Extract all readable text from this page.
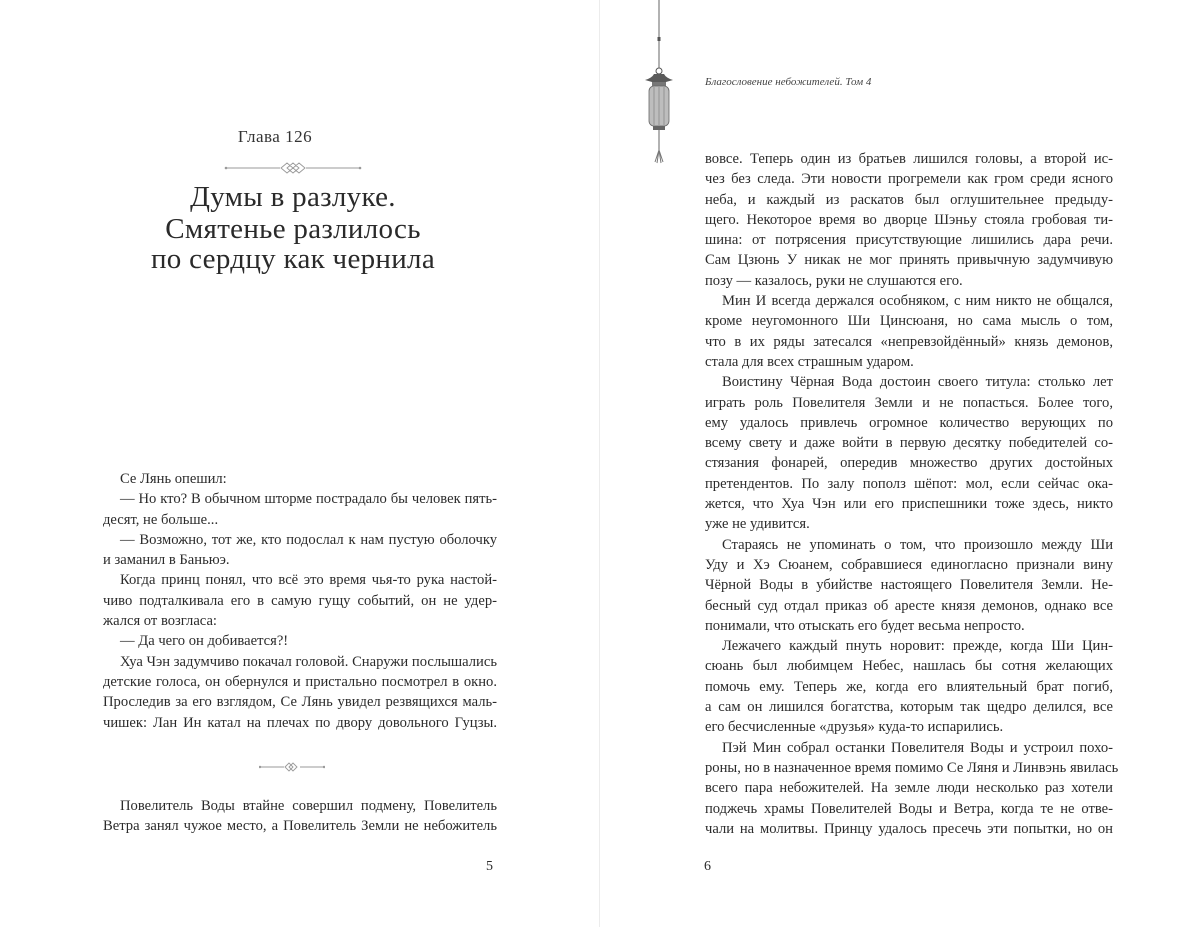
Глава 126
Думы в разлуке.
Смятенье разлилось
по сердцу как чернила
Се Лянь опешил:
— Но кто? В обычном шторме пострадало бы человек пять-
десят, не больше...
— Возможно, тот же, кто подослал к нам пустую оболочку
и заманил в Баньюэ.
Когда принц понял, что всё это время чья-то рука настой-
чиво подталкивала его в самую гущу событий, он не удер-
жался от возгласа:
— Да чего он добивается?!
Хуа Чэн задумчиво покачал головой. Снаружи послышались
детские голоса, он обернулся и пристально посмотрел в окно.
Проследив за его взглядом, Се Лянь увидел резвящихся маль-
чишек: Лан Ин катал на плечах по двору довольного Гуцзы.
Повелитель Воды втайне совершил подмену, Повелитель
Ветра занял чужое место, а Повелитель Земли не небожитель
5
Благословение небожителей. Том 4
вовсе. Теперь один из братьев лишился головы, а второй ис-
чез без следа. Эти новости прогремели как гром среди ясного
неба, и каждый из раскатов был оглушительнее предыду-
щего. Некоторое время во дворце Шэньу стояла гробовая ти-
шина: от потрясения присутствующие лишились дара речи.
Сам Цзюнь У никак не мог принять привычную задумчивую
позу — казалось, руки не слушаются его.
Мин И всегда держался особняком, с ним никто не общался,
кроме неугомонного Ши Цинсюаня, но сама мысль о том,
что в их ряды затесался «непревзойдённый» князь демонов,
стала для всех страшным ударом.
Воистину Чёрная Вода достоин своего титула: столько лет
играть роль Повелителя Земли и не попасться. Более того,
ему удалось привлечь огромное количество верующих по
всему свету и даже войти в первую десятку победителей со-
стязания фонарей, опередив множество других достойных
претендентов. По залу пополз шёпот: мол, если сейчас ока-
жется, что Хуа Чэн или его приспешники тоже здесь, никто
уже не удивится.
Стараясь не упоминать о том, что произошло между Ши
Уду и Хэ Сюанем, собравшиеся единогласно признали вину
Чёрной Воды в убийстве настоящего Повелителя Земли. Не-
бесный суд отдал приказ об аресте князя демонов, однако все
понимали, что отыскать его будет весьма непросто.
Лежачего каждый пнуть норовит: прежде, когда Ши Цин-
сюань был любимцем Небес, нашлась бы сотня желающих
помочь ему. Теперь же, когда его влиятельный брат погиб,
а сам он лишился богатства, которым так щедро делился, все
его бесчисленные «друзья» куда-то испарились.
Пэй Мин собрал останки Повелителя Воды и устроил похо-
роны, но в назначенное время помимо Се Ляня и Линвэнь явилась
всего пара небожителей. На земле люди несколько раз хотели
поджечь храмы Повелителей Воды и Ветра, когда те не отве-
чали на молитвы. Принцу удалось пресечь эти попытки, но он
6
